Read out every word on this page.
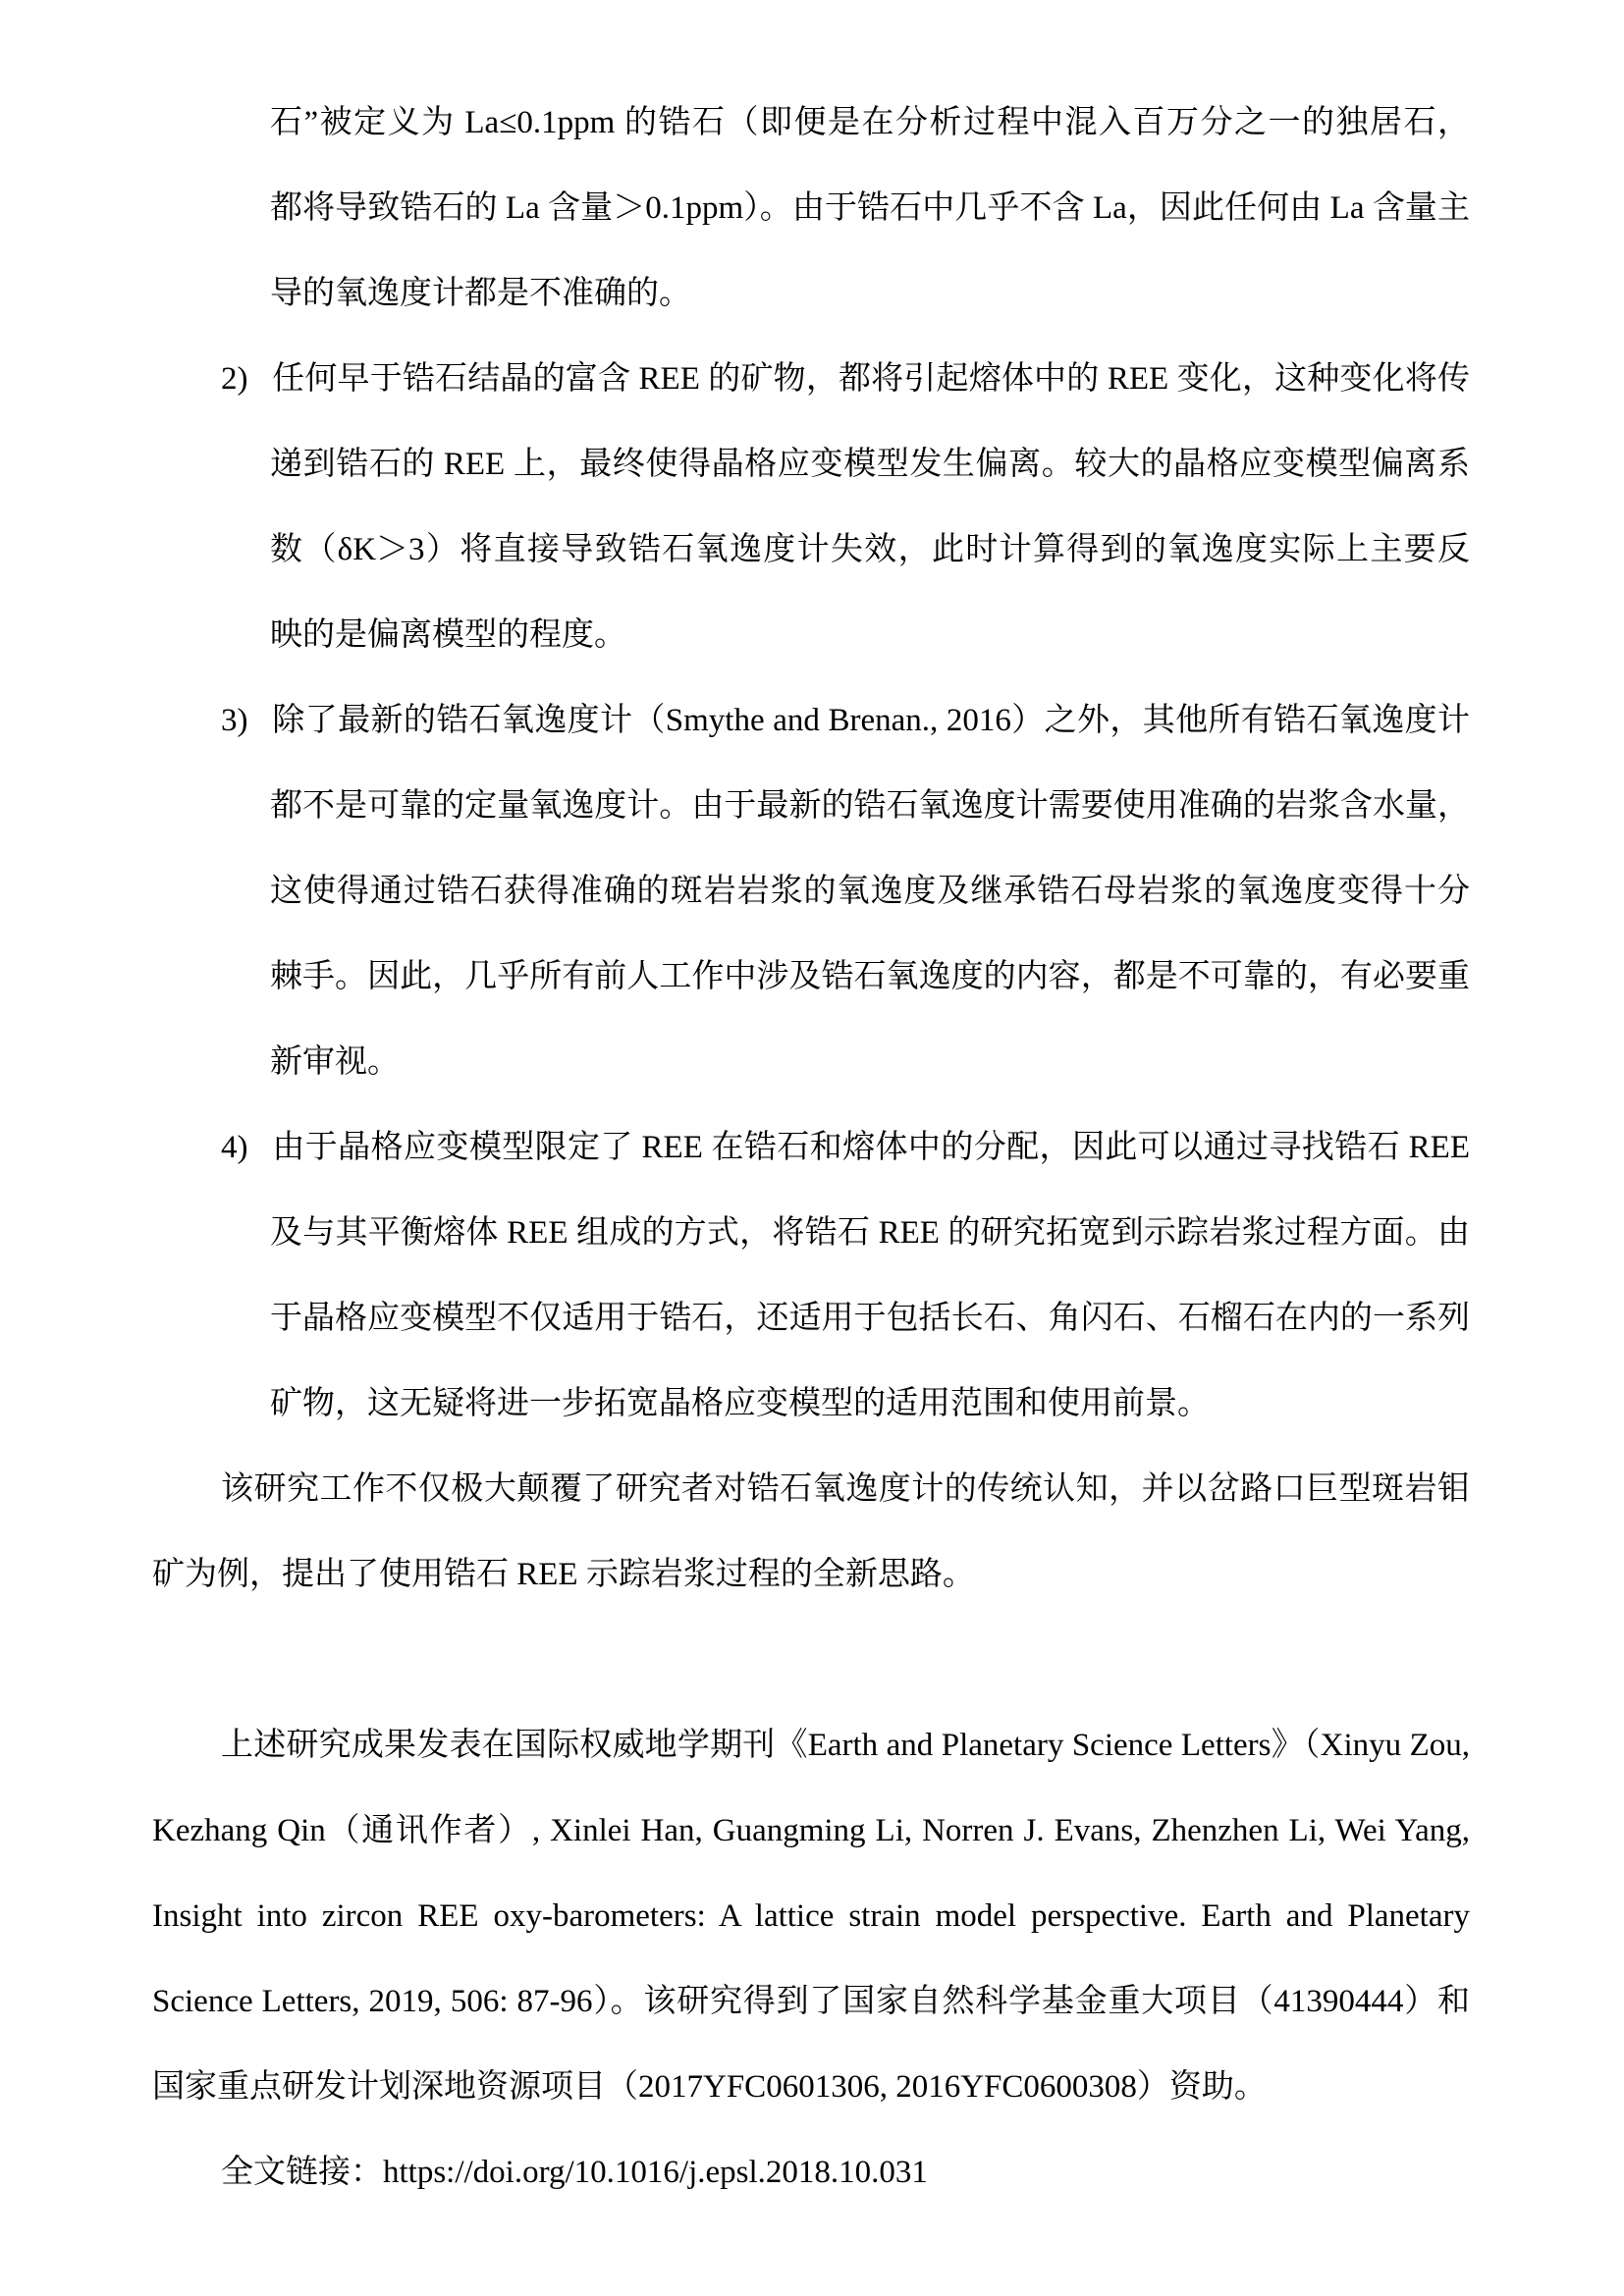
石”被定义为 La≤0.1ppm 的锆石（即便是在分析过程中混入百万分之一的独居石，
都将导致锆石的 La 含量＞0.1ppm）。由于锆石中几乎不含 La，因此任何由 La 含量主
导的氧逸度计都是不准确的。
2) 任何早于锆石结晶的富含 REE 的矿物，都将引起熔体中的 REE 变化，这种变化将传
递到锆石的 REE 上，最终使得晶格应变模型发生偏离。较大的晶格应变模型偏离系
数（δK＞3）将直接导致锆石氧逸度计失效，此时计算得到的氧逸度实际上主要反
映的是偏离模型的程度。
3) 除了最新的锆石氧逸度计（Smythe and Brenan., 2016）之外，其他所有锆石氧逸度计
都不是可靠的定量氧逸度计。由于最新的锆石氧逸度计需要使用准确的岩浆含水量，
这使得通过锆石获得准确的斑岩岩浆的氧逸度及继承锆石母岩浆的氧逸度变得十分
棘手。因此，几乎所有前人工作中涉及锆石氧逸度的内容，都是不可靠的，有必要重
新审视。
4) 由于晶格应变模型限定了 REE 在锆石和熔体中的分配，因此可以通过寻找锆石 REE
及与其平衡熔体 REE 组成的方式，将锆石 REE 的研究拓宽到示踪岩浆过程方面。由
于晶格应变模型不仅适用于锆石，还适用于包括长石、角闪石、石榴石在内的一系列
矿物，这无疑将进一步拓宽晶格应变模型的适用范围和使用前景。
该研究工作不仅极大颠覆了研究者对锆石氧逸度计的传统认知，并以岔路口巨型斑岩钼
矿为例，提出了使用锆石 REE 示踪岩浆过程的全新思路。
上述研究成果发表在国际权威地学期刊《Earth and Planetary Science Letters》（Xinyu Zou,
Kezhang Qin（通讯作者）, Xinlei Han, Guangming Li, Norren J. Evans, Zhenzhen Li, Wei Yang,
Insight into zircon REE oxy-barometers: A lattice strain model perspective. Earth and Planetary
Science Letters, 2019, 506: 87-96）。该研究得到了国家自然科学基金重大项目（41390444）和
国家重点研发计划深地资源项目（2017YFC0601306, 2016YFC0600308）资助。
全文链接：https://doi.org/10.1016/j.epsl.2018.10.031
